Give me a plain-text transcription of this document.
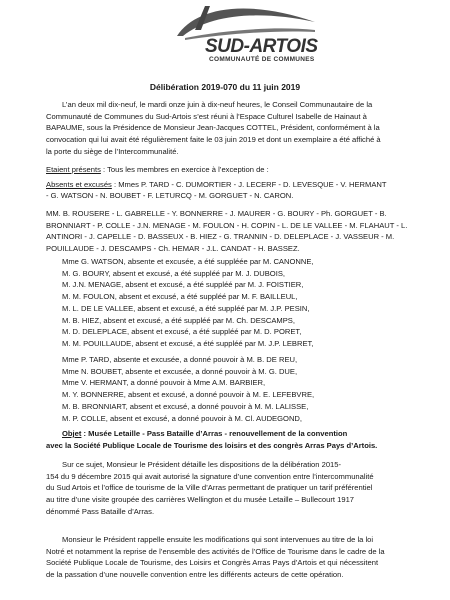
SUD-ARTOIS
COMMUNAUTÉ DE COMMUNES
Délibération 2019-070 du 11 juin 2019
L’an deux mil dix-neuf, le mardi onze juin à dix-neuf heures, le Conseil Communautaire de la
Communauté de Communes du Sud-Artois s’est réuni à l’Espace Culturel Isabelle de Hainaut à
BAPAUME, sous la Présidence de Monsieur Jean-Jacques COTTEL, Président, conformément à la
convocation qui lui avait été régulièrement faite le 03 juin 2019 et dont un exemplaire a été affiché à
la porte du siège de l’Intercommunalité.
Etaient présents : Tous les membres en exercice à l’exception de :
Absents et excusés : Mmes P. TARD - C. DUMORTIER - J. LECERF - D. LEVESQUE - V. HERMANT
- G. WATSON - N. BOUBET - F. LETURCQ - M. GORGUET - N. CARON.
MM. B. ROUSERE - L. GABRELLE - Y. BONNERRE - J. MAURER - G. BOURY - Ph. GORGUET - B.
BRONNIART - P. COLLE - J.N. MENAGE - M. FOULON - H. COPIN - L. DE LE VALLEE - M. FLAHAUT - L.
ANTINORI - J. CAPELLE - D. BASSEUX - B. HIEZ - G. TRANNIN - D. DELEPLACE - J. VASSEUR - M.
POUILLAUDE - J. DESCAMPS - Ch. HEMAR - J.L. CANDAT - H. BASSEZ.
Mme G. WATSON, absente et excusée, a été suppléée par M. CANONNE,
M. G. BOURY, absent et excusé, a été suppléé par M. J. DUBOIS,
M. J.N. MENAGE, absent et excusé, a été suppléé par M. J. FOISTIER,
M. M. FOULON, absent et excusé, a été suppléé par M. F. BAILLEUL,
M. L. DE LE VALLEE, absent et excusé, a été suppléé par M. J.P. PESIN,
M. B. HIEZ, absent et excusé, a été suppléé par M. Ch. DESCAMPS,
M. D. DELEPLACE, absent et excusé, a été suppléé par M. D. PORET,
M. M. POUILLAUDE, absent et excusé, a été suppléé par M. J.P. LEBRET,
Mme P. TARD, absente et excusée, a donné pouvoir à M. B. DE REU,
Mme N. BOUBET, absente et excusée, a donné pouvoir à M. G. DUE,
Mme V. HERMANT, a donné pouvoir à Mme A.M. BARBIER,
M. Y. BONNERRE, absent et excusé, a donné pouvoir à M. E. LEFEBVRE,
M. B. BRONNIART, absent et excusé, a donné pouvoir à M. M. LALISSE,
M. P. COLLE, absent et excusé, a donné pouvoir à M. Cl. AUDEGOND,
Objet : Musée Letaille - Pass Bataille d’Arras - renouvellement de la convention
avec la Société Publique Locale de Tourisme des loisirs et des congrès Arras Pays d’Artois.
Sur ce sujet, Monsieur le Président détaille les dispositions de la délibération 2015-
154 du 9 décembre 2015 qui avait autorisé la signature d’une convention entre l’intercommunalité
du Sud Artois et l’office de tourisme de la Ville d’Arras permettant de pratiquer un tarif préférentiel
au titre d’une visite groupée des carrières Wellington et du musée Letaille – Bullecourt 1917
dénommé Pass Bataille d’Arras.
Monsieur le Président rappelle ensuite les modifications qui sont intervenues au titre de la loi
Notré et notamment la reprise de l’ensemble des activités de l’Office de Tourisme dans le cadre de la
Société Publique Locale de Tourisme, des Loisirs et Congrès Arras Pays d’Artois et qui nécessitent
de la passation d’une nouvelle convention entre les différents acteurs de cette opération.
